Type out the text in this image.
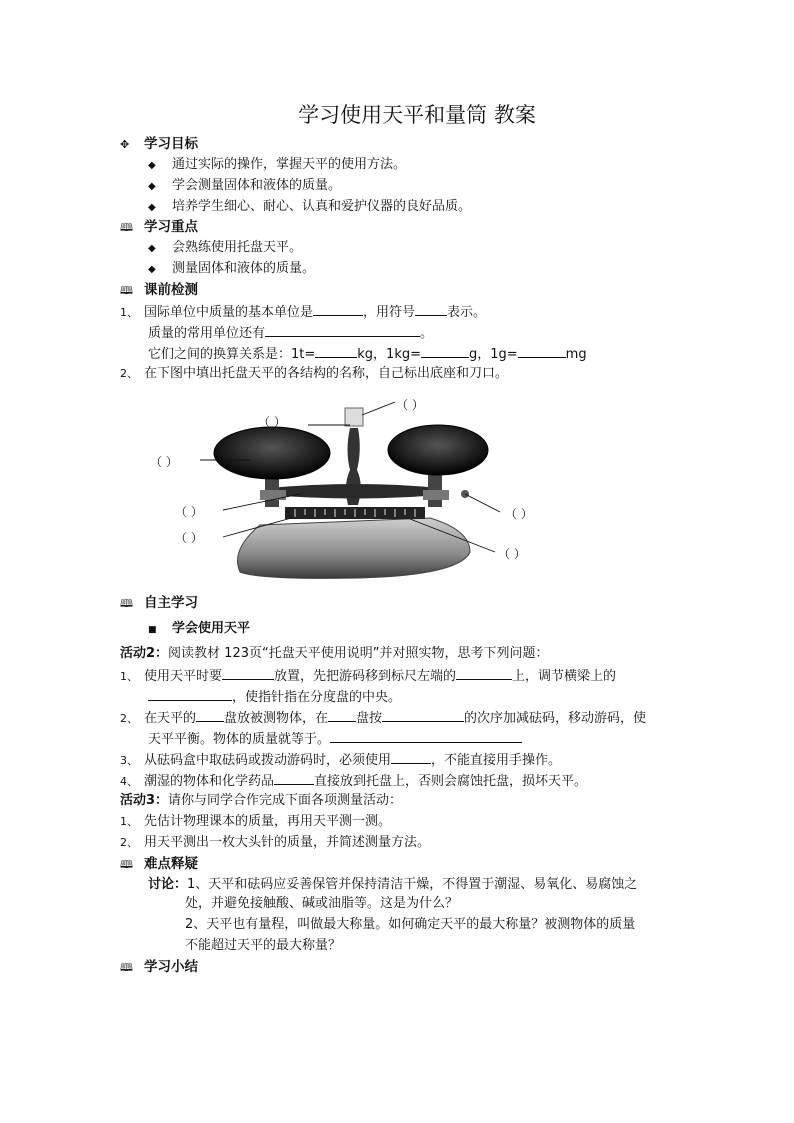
学习使用天平和量筒 教案
✥ 学习目标
◆ 通过实际的操作，掌握天平的使用方法。
◆ 学会测量固体和液体的质量。
◆ 培养学生细心、耐心、认真和爱护仪器的良好品质。
🕮 学习重点
◆ 会熟练使用托盘天平。
◆ 测量固体和液体的质量。
🕮 课前检测
1、 国际单位中质量的基本单位是	，用符号 表示。
质量的常用单位还有	。
它们之间的换算关系是：1t=	kg，1kg=	g，1g=	mg
2、 在下图中填出托盘天平的各结构的名称，自己标出底座和刀口。
（ ）
（ ）
（ ）
（ ）
（ ）
（ ）
（ ）
🕮 自主学习
■ 学会使用天平
活动2：阅读教材 123页“托盘天平使用说明”并对照实物，思考下列问题：
1、 使用天平时要	放置，先把游码移到标尺左端的	上，调节横梁上的
，使指针指在分度盘的中央。
2、 在天平的 盘放被测物体，在 盘按	的次序加减砝码，移动游码，使
天平平衡。物体的质量就等于。
3、 从砝码盒中取砝码或拨动游码时，必须使用	，不能直接用手操作。
4、 潮湿的物体和化学药品	直接放到托盘上，否则会腐蚀托盘，损坏天平。
活动3：请你与同学合作完成下面各项测量活动：
1、 先估计物理课本的质量，再用天平测一测。
2、 用天平测出一枚大头针的质量，并简述测量方法。
🕮 难点释疑
讨论：1、天平和砝码应妥善保管并保持清洁干燥，不得置于潮湿、易氧化、易腐蚀之
处，并避免接触酸、碱或油脂等。这是为什么？
2、天平也有量程，叫做最大称量。如何确定天平的最大称量？被测物体的质量
不能超过天平的最大称量？
🕮 学习小结
